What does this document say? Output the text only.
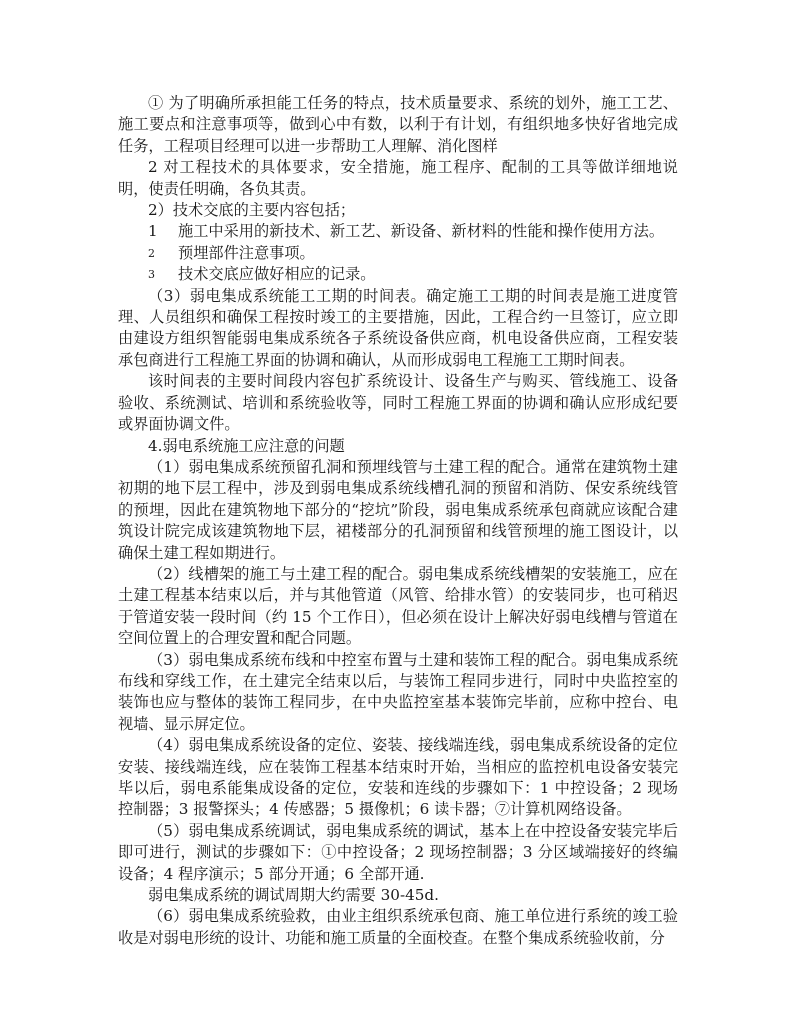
① 为了明确所承担能工任务的特点，技术质量要求、系统的划外，施工工艺、施工要点和注意事项等，做到心中有数，以利于有计划，有组织地多快好省地完成任务，工程项目经理可以进一步帮助工人理解、消化图样

2 对工程技术的具体要求，安全措施，施工程序、配制的工具等做详细地说明，使责任明确，各负其责。

2）技术交底的主要内容包括；

1	施工中采用的新技术、新工艺、新设备、新材料的性能和操作使用方法。
2	预埋部件注意事项。
3	技术交底应做好相应的记录。

（3）弱电集成系统能工工期的时间表。确定施工工期的时间表是施工进度管理、人员组织和确保工程按时竣工的主要措施，因此，工程合约一旦签订，应立即由建设方组织智能弱电集成系统各子系统设备供应商，机电设备供应商，工程安装承包商进行工程施工界面的协调和确认，从而形成弱电工程施工工期时间表。

该时间表的主要时间段内容包扩系统设计、设备生产与购买、管线施工、设备验收、系统测试、培训和系统验收等，同时工程施工界面的协调和确认应形成纪要或界面协调文件。

4.弱电系统施工应注意的问题

（1）弱电集成系统预留孔洞和预埋线管与土建工程的配合。通常在建筑物土建初期的地下层工程中，涉及到弱电集成系统线槽孔洞的预留和消防、保安系统线管的预埋，因此在建筑物地下部分的“挖坑”阶段，弱电集成系统承包商就应该配合建筑设计院完成该建筑物地下层，裙楼部分的孔洞预留和线管预埋的施工图设计，以确保土建工程如期进行。

（2）线槽架的施工与土建工程的配合。弱电集成系统线槽架的安装施工，应在土建工程基本结束以后，并与其他管道（风管、给排水管）的安装同步，也可稍迟于管道安装一段时间（约 15 个工作日），但必须在设计上解决好弱电线槽与管道在空间位置上的合理安置和配合同题。

（3）弱电集成系统布线和中控室布置与土建和装饰工程的配合。弱电集成系统布线和穿线工作，在土建完全结束以后，与装饰工程同步进行，同时中央监控室的装饰也应与整体的装饰工程同步，在中央监控室基本装饰完毕前，应称中控台、电视墙、显示屏定位。

（4）弱电集成系统设备的定位、姿装、接线端连线，弱电集成系统设备的定位安装、接线端连线，应在装饰工程基本结束时开始，当相应的监控机电设备安装完毕以后，弱电系能集成设备的定位，安装和连线的步骤如下：1 中控设备；2 现场控制器；3 报警探头；4 传感器；5 摄像机；6 读卡器；⑦计算机网络设备。

（5）弱电集成系统调试，弱电集成系统的调试，基本上在中控设备安装完毕后即可进行，测试的步骤如下：①中控设备；2 现场控制器；3 分区域端接好的终编设备；4 程序演示；5 部分开通；6 全部开通.

弱电集成系统的调试周期大约需要 30-45d.

（6）弱电集成系统验救，由业主组织系统承包商、施工单位进行系统的竣工验收是对弱电形统的设计、功能和施工质量的全面校查。在整个集成系统验收前，分
